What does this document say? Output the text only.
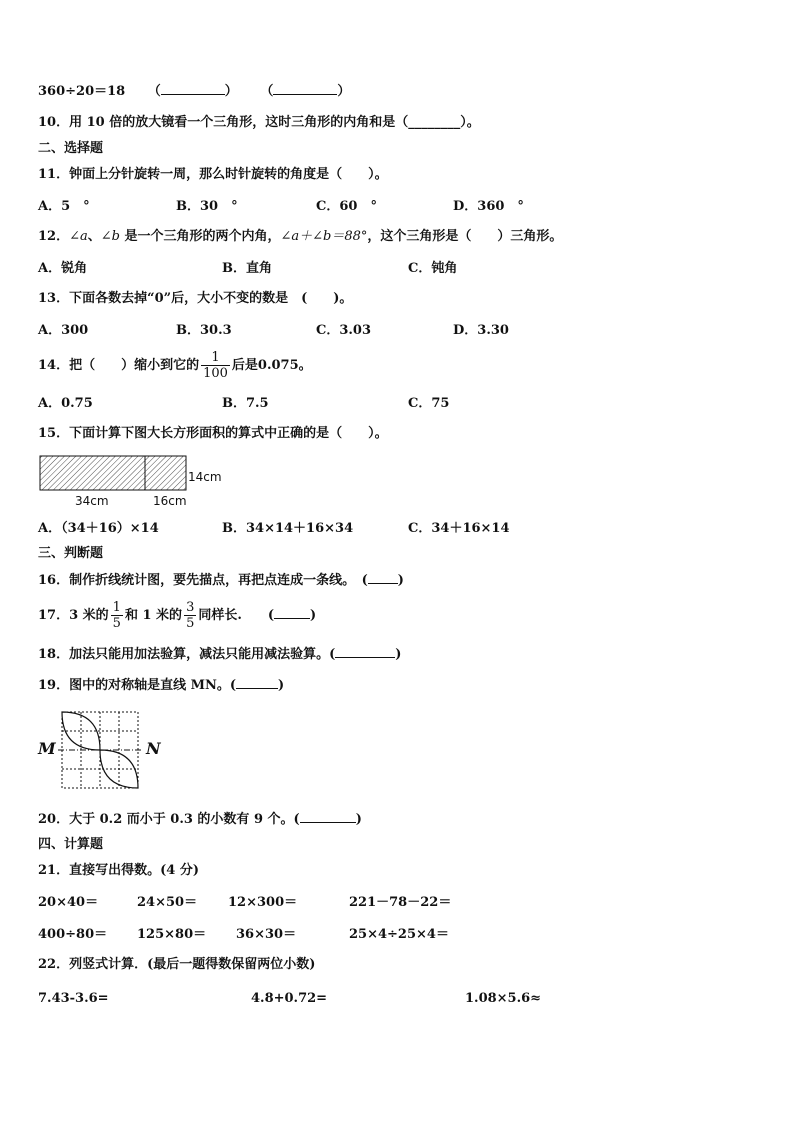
360÷20＝18 （	） （	）
10．用 10 倍的放大镜看一个三角形，这时三角形的内角和是（________）。
二、选择题
11．钟面上分针旋转一周，那么时针旋转的角度是（　　）。
A．5　°	B．30　°	C．60　°	D．360　°
12．∠a、∠b 是一个三角形的两个内角，∠a＋∠b＝88°，这个三角形是（　　）三角形。
A．锐角	B．直角	C．钝角
13．下面各数去掉“0”后，大小不变的数是　(　　)。
A．300	B．30.3	C．3.03	D．3.30
14．把（　　）缩小到它的 $\frac{1}{100}$ 后是0.075。
A．0.75	B．7.5	C．75
15．下面计算下图大长方形面积的算式中正确的是（　　）。
34cm	16cm
14cm
A．（34＋16）×14	B．34×14＋16×34	C．34＋16×14
三、判断题
16．制作折线统计图，要先描点，再把点连成一条线。　( )
17．3 米的 $\frac{1}{5}$ 和 1 米的 $\frac{3}{5}$ 同样长.　　(	)
18．加法只能用加法验算，减法只能用减法验算。(	)
19．图中的对称轴是直线 MN。(	)
M	N
20．大于 0.2 而小于 0.3 的小数有 9 个。(	)
四、计算题
21．直接写出得数。(4 分)
20×40＝	24×50＝ 12×300＝	221－78－22＝
400÷80＝ 125×80＝ 36×30＝	25×4÷25×4＝
22．列竖式计算．(最后一题得数保留两位小数)
7.43-3.6=	4.8+0.72=	1.08×5.6≈
